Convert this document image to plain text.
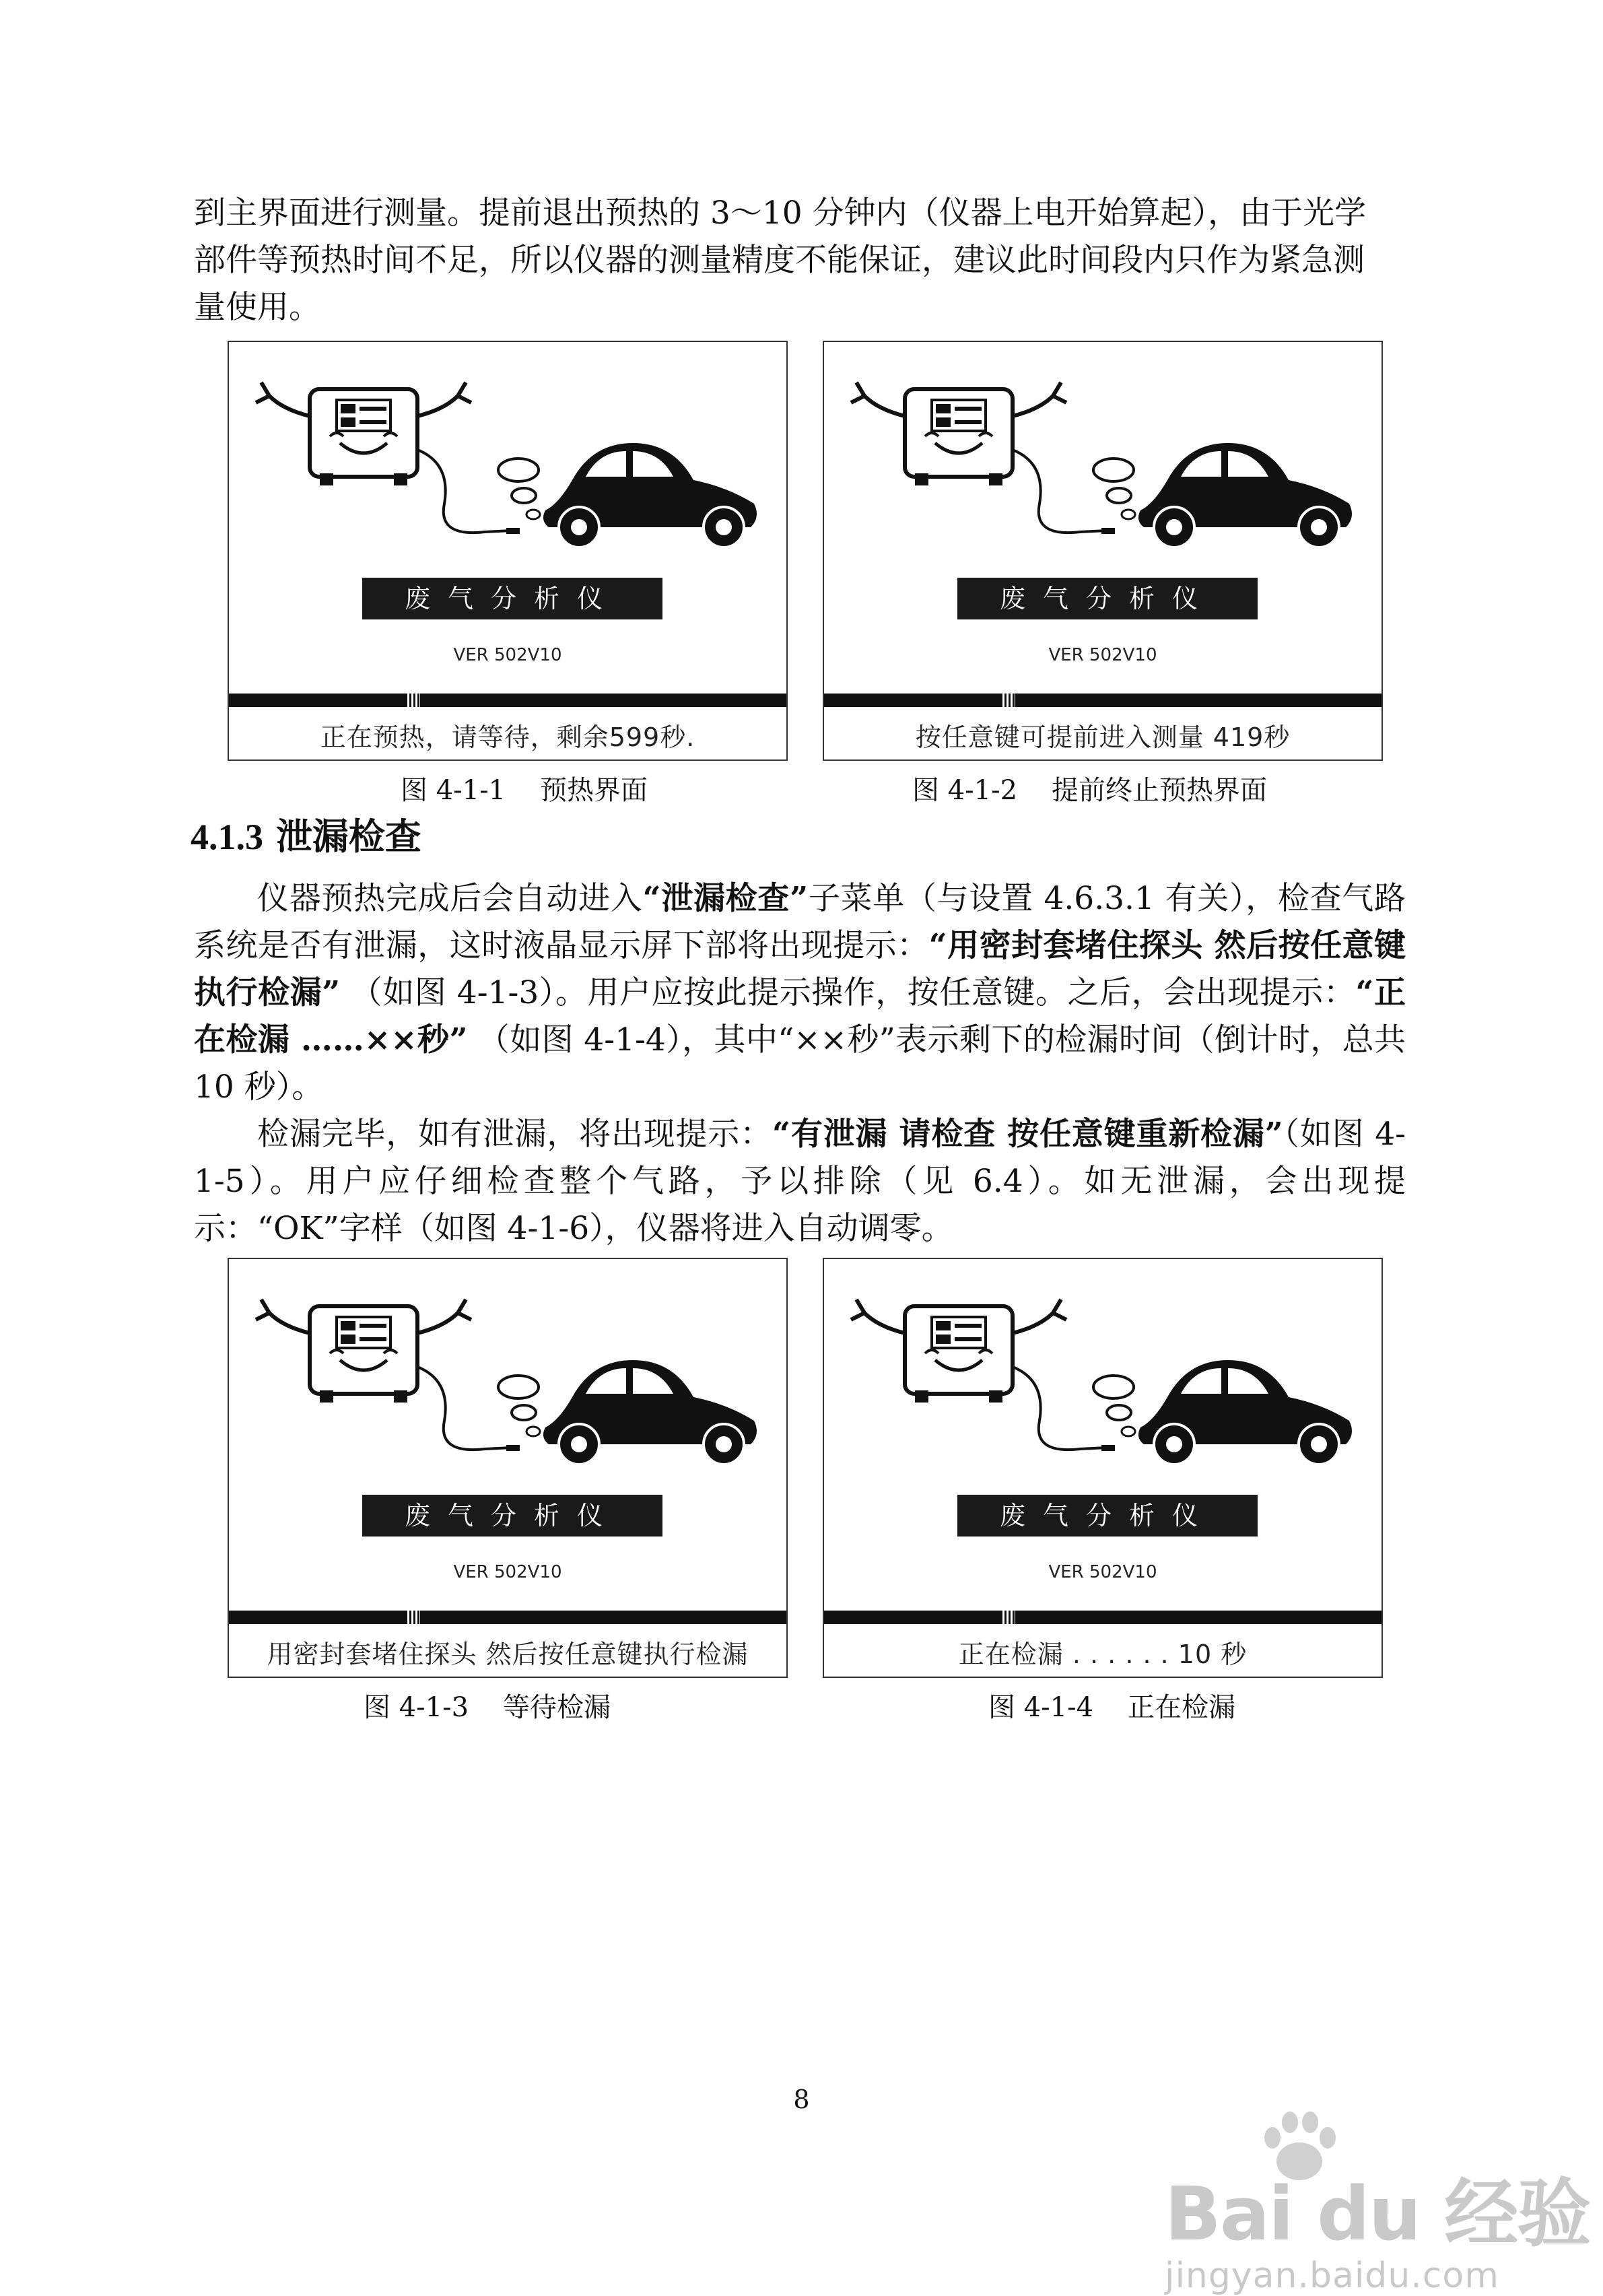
到主界面进行测量。提前退出预热的 3～10 分钟内（仪器上电开始算起），由于光学

部件等预热时间不足，所以仪器的测量精度不能保证，建议此时间段内只作为紧急测

量使用。

废气分析仪
VER 502V10
正在预热，请等待，剩余599秒.
废气分析仪
VER 502V10
按任意键可提前进入测量 419秒
图 4-1-1    预热界面	图 4-1-2    提前终止预热界面
4.1.3 泄漏检查
仪器预热完成后会自动进入“泄漏检查”子菜单（与设置 4.6.3.1 有关），检查气路系统是否有泄漏，这时液晶显示屏下部将出现提示：“用密封套堵住探头 然后按任意键执行检漏” （如图 4-1-3）。用户应按此提示操作，按任意键。之后，会出现提示：“正在检漏 ……××秒” （如图 4-1-4），其中“××秒”表示剩下的检漏时间（倒计时，总共 10 秒）。
检漏完毕，如有泄漏，将出现提示：“有泄漏 请检查 按任意键重新检漏”（如图 4-1-5）。用户应仔细检查整个气路，予以排除（见 6.4）。如无泄漏，会出现提示：“OK”字样（如图 4-1-6），仪器将进入自动调零。
废气分析仪
VER 502V10
用密封套堵住探头 然后按任意键执行检漏
废气分析仪
VER 502V10
正在检漏 . . . . . . 10 秒
图 4-1-3    等待检漏	图 4-1-4    正在检漏
8
Bai du 经验
jingyan.baidu.com
